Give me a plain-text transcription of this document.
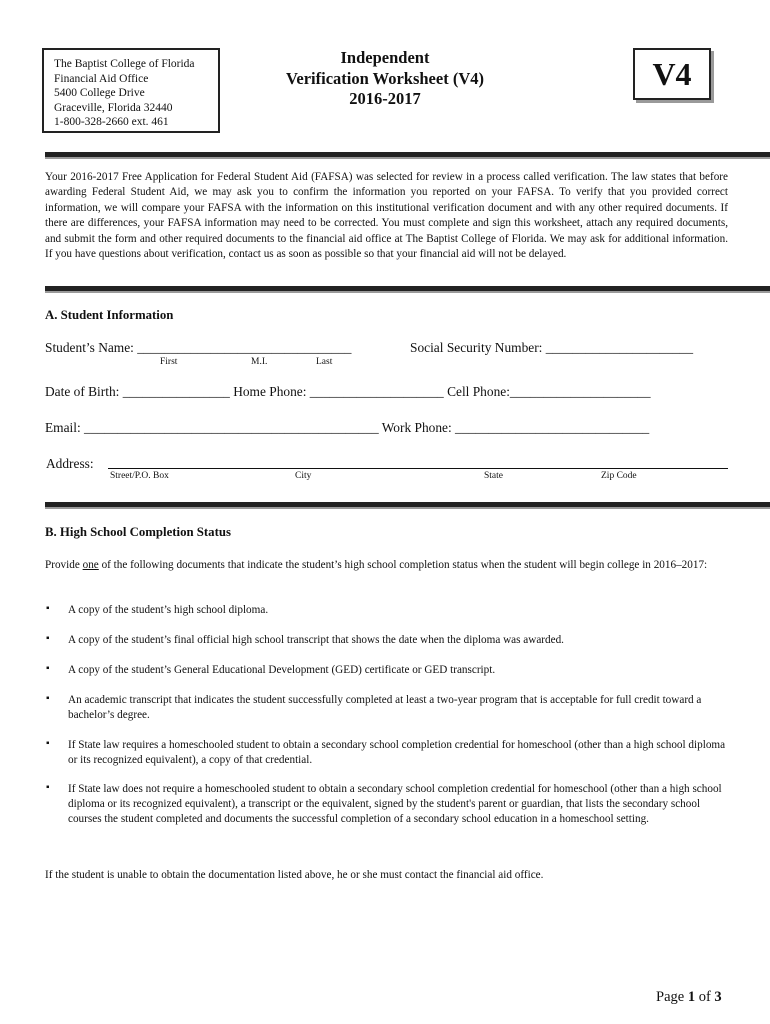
The Baptist College of Florida
Financial Aid Office
5400 College Drive
Graceville, Florida 32440
1-800-328-2660 ext. 461
Independent
Verification Worksheet (V4)
2016-2017
V4
Your 2016-2017 Free Application for Federal Student Aid (FAFSA) was selected for review in a process called verification. The law states that before awarding Federal Student Aid, we may ask you to confirm the information you reported on your FAFSA. To verify that you provided correct information, we will compare your FAFSA with the information on this institutional verification document and with any other required documents. If there are differences, your FAFSA information may need to be corrected. You must complete and sign this worksheet, attach any required documents, and submit the form and other required documents to the financial aid office at The Baptist College of Florida. We may ask for additional information. If you have questions about verification, contact us as soon as possible so that your financial aid will not be delayed.
A. Student Information
Student’s Name: ________________________________	Social Security Number: ______________________
First	M.I.	Last
Date of Birth: ________________ Home Phone: ____________________ Cell Phone:_____________________
Email: ____________________________________________ Work Phone: _____________________________
Address:
Street/P.O. Box	City	State	Zip Code
B. High School Completion Status
Provide one of the following documents that indicate the student’s high school completion status when the student will begin college in 2016–2017:
▪ A copy of the student’s high school diploma.
▪ A copy of the student’s final official high school transcript that shows the date when the diploma was awarded.
▪ A copy of the student’s General Educational Development (GED) certificate or GED transcript.
▪ An academic transcript that indicates the student successfully completed at least a two-year program that is acceptable for full credit toward a bachelor’s degree.
▪ If State law requires a homeschooled student to obtain a secondary school completion credential for homeschool (other than a high school diploma or its recognized equivalent), a copy of that credential.
▪ If State law does not require a homeschooled student to obtain a secondary school completion credential for homeschool (other than a high school diploma or its recognized equivalent), a transcript or the equivalent, signed by the student's parent or guardian, that lists the secondary school courses the student completed and documents the successful completion of a secondary school education in a homeschool setting.
If the student is unable to obtain the documentation listed above, he or she must contact the financial aid office.
Page 1 of 3
